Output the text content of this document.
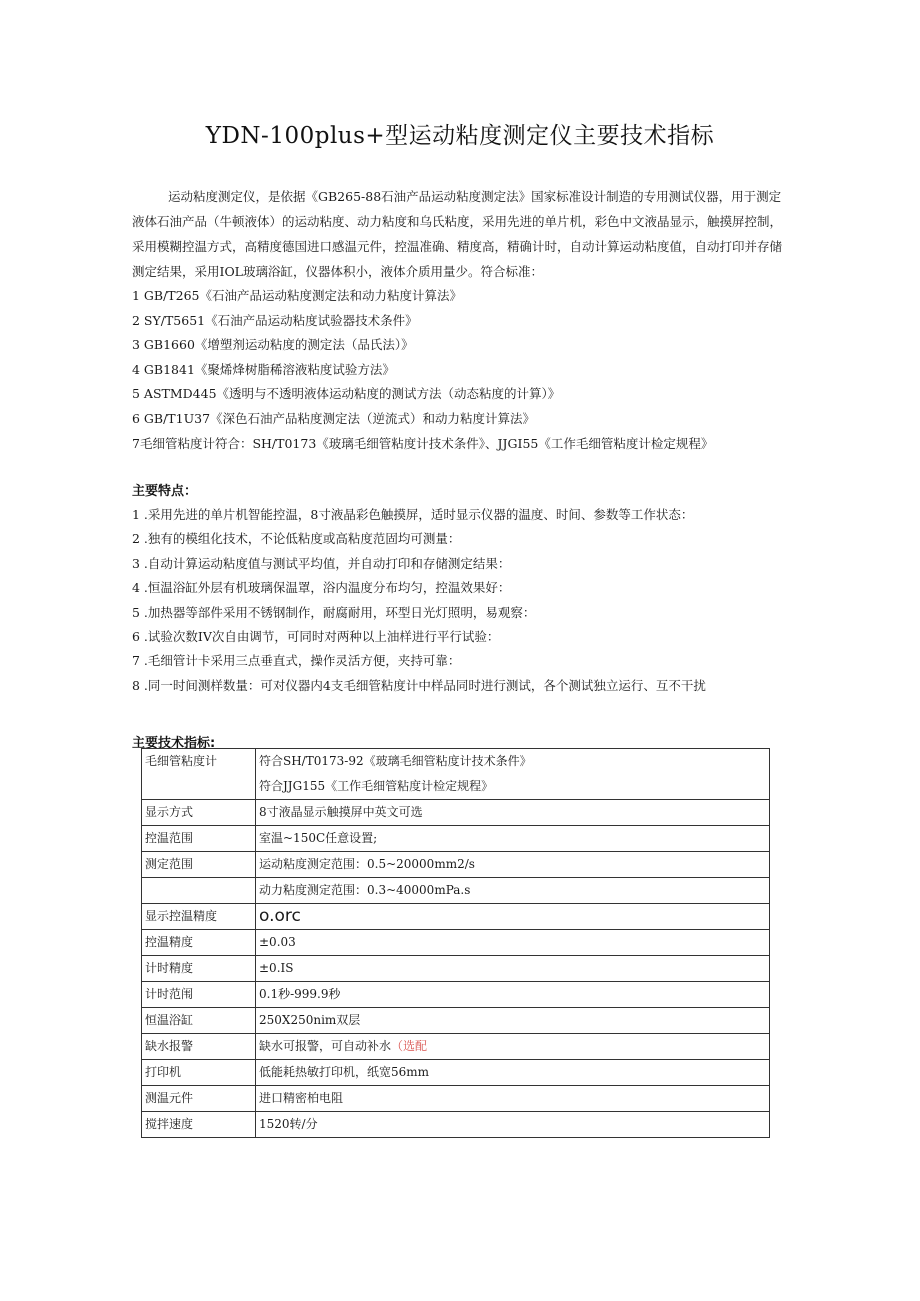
YDN-100plus+型运动粘度测定仪主要技术指标

运动粘度测定仪，是依据《GB265-88石油产品运动粘度测定法》国家标准设计制造的专用测试仪器，用于测定液体石油产品（牛顿液体）的运动粘度、动力粘度和乌氏粘度，采用先进的单片机，彩色中文液晶显示，触摸屏控制，采用模糊控温方式，高精度德国进口感温元件，控温准确、精度高，精确计时，自动计算运动粘度值，自动打印并存储测定结果，采用IOL玻璃浴缸，仪器体积小，液体介质用量少。符合标准：

1 GB/T265《石油产品运动粘度测定法和动力粘度计算法》
2 SY/T5651《石油产品运动粘度试验器技术条件》
3 GB1660《增塑剂运动粘度的测定法（品氏法）》
4 GB1841《聚烯烽树脂稀溶液粘度试验方法》
5 ASTMD445《透明与不透明液体运动粘度的测试方法（动态粘度的计算）》
6 GB/T1U37《深色石油产品粘度测定法（逆流式）和动力粘度计算法》
7毛细管粘度计符合：SH/T0173《玻璃毛细管粘度计技术条件》、JJGI55《工作毛细管粘度计检定规程》
主要特点：
1 .采用先进的单片机智能控温，8寸液晶彩色触摸屏，适时显示仪器的温度、时间、参数等工作状态：
2 .独有的模组化技术，不论低粘度或高粘度范固均可测量：
3 .自动计算运动粘度值与测试平均值，并自动打印和存储测定结果：
4 .恒温浴缸外层有机玻璃保温罩，浴内温度分布均匀，控温效果好：
5 .加热器等部件采用不锈钢制作，耐腐耐用，环型日光灯照明，易观察：
6 .试验次数IV次自由调节，可同时对两种以上油样进行平行试验：
7 .毛细管计卡采用三点垂直式，操作灵活方便，夹持可靠：
8 .同一时间测样数量：可对仪器内4支毛细管粘度计中样品同时进行测试，各个测试独立运行、互不干扰
主要技术指标:
毛细管粘度计	符合SH/T0173-92《玻璃毛细管粘度计技术条件》
符合JJG155《工作毛细管粘度计检定规程》

显示方式	8寸液晶显示触摸屏中英文可选
控温范围	室温~150C任意设置;
测定范围	运动粘度测定范围：0.5~20000mm2/s
	动力粘度测定范围：0.3~40000mPa.s
显示控温精度	o.orc
控温精度	±0.03
计时精度	±0.IS
计时范闱	0.1秒-999.9秒
恒温浴缸	250X250nim双层
缺水报警	缺水可报警，可自动补水（选配
打印机	低能耗热敏打印机，纸宽56mm
测温元件	进口精密柏电阻
搅拌速度	1520转/分
